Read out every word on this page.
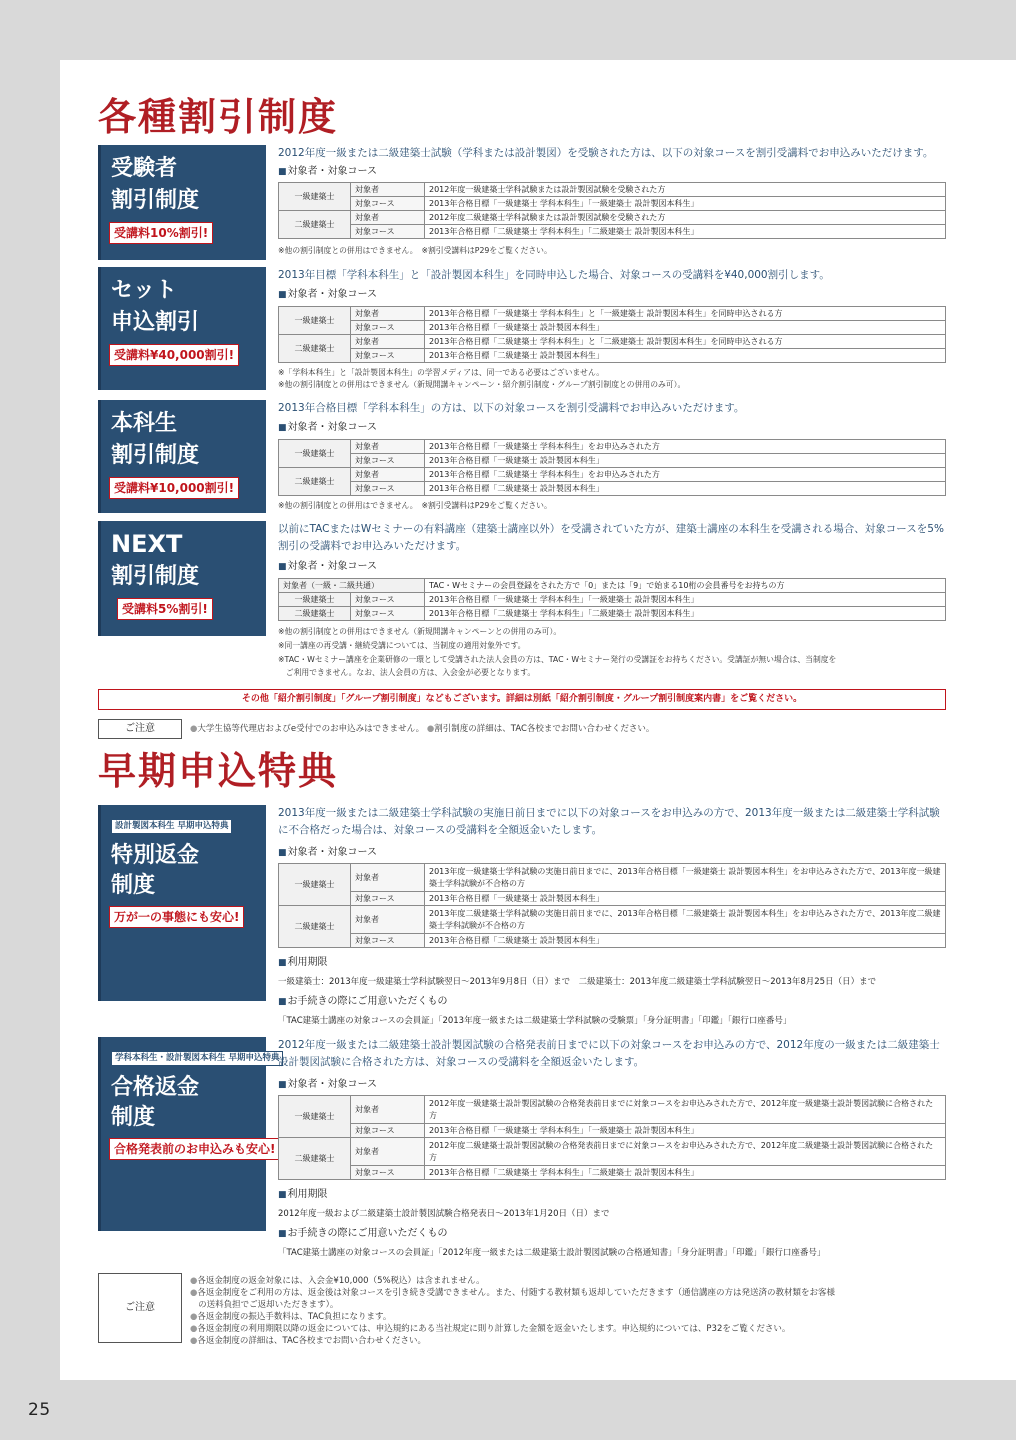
各種割引制度
受験者
割引制度
受講料10%割引!
2012年度一級または二級建築士試験（学科または設計製図）を受験された方は、以下の対象コースを割引受講料でお申込みいただけます。
■対象者・対象コース
一級建築士	対象者	2012年度一級建築士学科試験または設計製図試験を受験された方
	対象コース	2013年合格目標「一級建築士 学科本科生」「一級建築士 設計製図本科生」
二級建築士	対象者	2012年度二級建築士学科試験または設計製図試験を受験された方
	対象コース	2013年合格目標「二級建築士 学科本科生」「二級建築士 設計製図本科生」
※他の割引制度との併用はできません。　※割引受講料はP29をご覧ください。
セット
申込割引
受講料¥40,000割引!
2013年目標「学科本科生」と「設計製図本科生」を同時申込した場合、対象コースの受講料を¥40,000割引します。
■対象者・対象コース
一級建築士	対象者	2013年合格目標「一級建築士 学科本科生」と「一級建築士 設計製図本科生」を同時申込される方
	対象コース	2013年合格目標「一級建築士 設計製図本科生」
二級建築士	対象者	2013年合格目標「二級建築士 学科本科生」と「二級建築士 設計製図本科生」を同時申込される方
	対象コース	2013年合格目標「二級建築士 設計製図本科生」
※「学科本科生」と「設計製図本科生」の学習メディアは、同一である必要はございません。
※他の割引制度との併用はできません（新規開講キャンペーン・紹介割引制度・グループ割引制度との併用のみ可）。
本科生
割引制度
受講料¥10,000割引!
2013年合格目標「学科本科生」の方は、以下の対象コースを割引受講料でお申込みいただけます。
■対象者・対象コース
一級建築士	対象者	2013年合格目標「一級建築士 学科本科生」をお申込みされた方
	対象コース	2013年合格目標「一級建築士 設計製図本科生」
二級建築士	対象者	2013年合格目標「二級建築士 学科本科生」をお申込みされた方
	対象コース	2013年合格目標「二級建築士 設計製図本科生」
※他の割引制度との併用はできません。　※割引受講料はP29をご覧ください。
NEXT
割引制度
受講料5%割引!
以前にTACまたはWセミナーの有料講座（建築士講座以外）を受講されていた方が、建築士講座の本科生を受講される場合、対象コースを5%割引の受講料でお申込みいただけます。
■対象者・対象コース
対象者（一級・二級共通）		TAC・Wセミナーの会員登録をされた方で「0」または「9」で始まる10桁の会員番号をお持ちの方
一級建築士	対象コース	2013年合格目標「一級建築士 学科本科生」「一級建築士 設計製図本科生」
二級建築士	対象コース	2013年合格目標「二級建築士 学科本科生」「二級建築士 設計製図本科生」
※他の割引制度との併用はできません（新規開講キャンペーンとの併用のみ可）。
※同一講座の再受講・継続受講については、当制度の適用対象外です。
※TAC・Wセミナー講座を企業研修の一環として受講された法人会員の方は、TAC・Wセミナー発行の受講証をお持ちください。受講証が無い場合は、当制度を
　ご利用できません。なお、法人会員の方は、入会金が必要となります。
その他「紹介割引制度」「グループ割引制度」などもございます。詳細は別紙「紹介割引制度・グループ割引制度案内書」をご覧ください。
ご注意	●大学生協等代理店およびe受付でのお申込みはできません。 ●割引制度の詳細は、TAC各校までお問い合わせください。
早期申込特典
設計製図本科生 早期申込特典
特別返金
制度
万が一の事態にも安心!
2013年度一級または二級建築士学科試験の実施日前日までに以下の対象コースをお申込みの方で、2013年度一級または二級建築士学科試験に不合格だった場合は、対象コースの受講料を全額返金いたします。
■対象者・対象コース
一級建築士	対象者	2013年度一級建築士学科試験の実施日前日までに、2013年合格目標「一級建築士 設計製図本科生」をお申込みされた方で、2013年度一級建築士学科試験が不合格の方
	対象コース	2013年合格目標「一級建築士 設計製図本科生」
二級建築士	対象者	2013年度二級建築士学科試験の実施日前日までに、2013年合格目標「二級建築士 設計製図本科生」をお申込みされた方で、2013年度二級建築士学科試験が不合格の方
	対象コース	2013年合格目標「二級建築士 設計製図本科生」
■利用期限
一級建築士：2013年度一級建築士学科試験翌日～2013年9月8日（日）まで　二級建築士：2013年度二級建築士学科試験翌日～2013年8月25日（日）まで
■お手続きの際にご用意いただくもの
「TAC建築士講座の対象コースの会員証」「2013年度一級または二級建築士学科試験の受験票」「身分証明書」「印鑑」「銀行口座番号」
学科本科生・設計製図本科生 早期申込特典
合格返金
制度
合格発表前のお申込みも安心!
2012年度一級または二級建築士設計製図試験の合格発表前日までに以下の対象コースをお申込みの方で、2012年度の一級または二級建築士設計製図試験に合格された方は、対象コースの受講料を全額返金いたします。
■対象者・対象コース
一級建築士	対象者	2012年度一級建築士設計製図試験の合格発表前日までに対象コースをお申込みされた方で、2012年度一級建築士設計製図試験に合格された方
	対象コース	2013年合格目標「一級建築士 学科本科生」「一級建築士 設計製図本科生」
二級建築士	対象者	2012年度二級建築士設計製図試験の合格発表前日までに対象コースをお申込みされた方で、2012年度二級建築士設計製図試験に合格された方
	対象コース	2013年合格目標「二級建築士 学科本科生」「二級建築士 設計製図本科生」
■利用期限
2012年度一級および二級建築士設計製図試験合格発表日～2013年1月20日（日）まで
■お手続きの際にご用意いただくもの
「TAC建築士講座の対象コースの会員証」「2012年度一級または二級建築士設計製図試験の合格通知書」「身分証明書」「印鑑」「銀行口座番号」
ご注意
●各返金制度の返金対象には、入会金¥10,000（5%税込）は含まれません。
●各返金制度をご利用の方は、返金後は対象コースを引き続き受講できません。また、付随する教材類も返却していただきます（通信講座の方は発送済の教材類をお客様
の送料負担でご返却いただきます）。
●各返金制度の振込手数料は、TAC負担になります。
●各返金制度の利用期限以降の返金については、申込規約にある当社規定に則り計算した金額を返金いたします。申込規約については、P32をご覧ください。
●各返金制度の詳細は、TAC各校までお問い合わせください。
25
